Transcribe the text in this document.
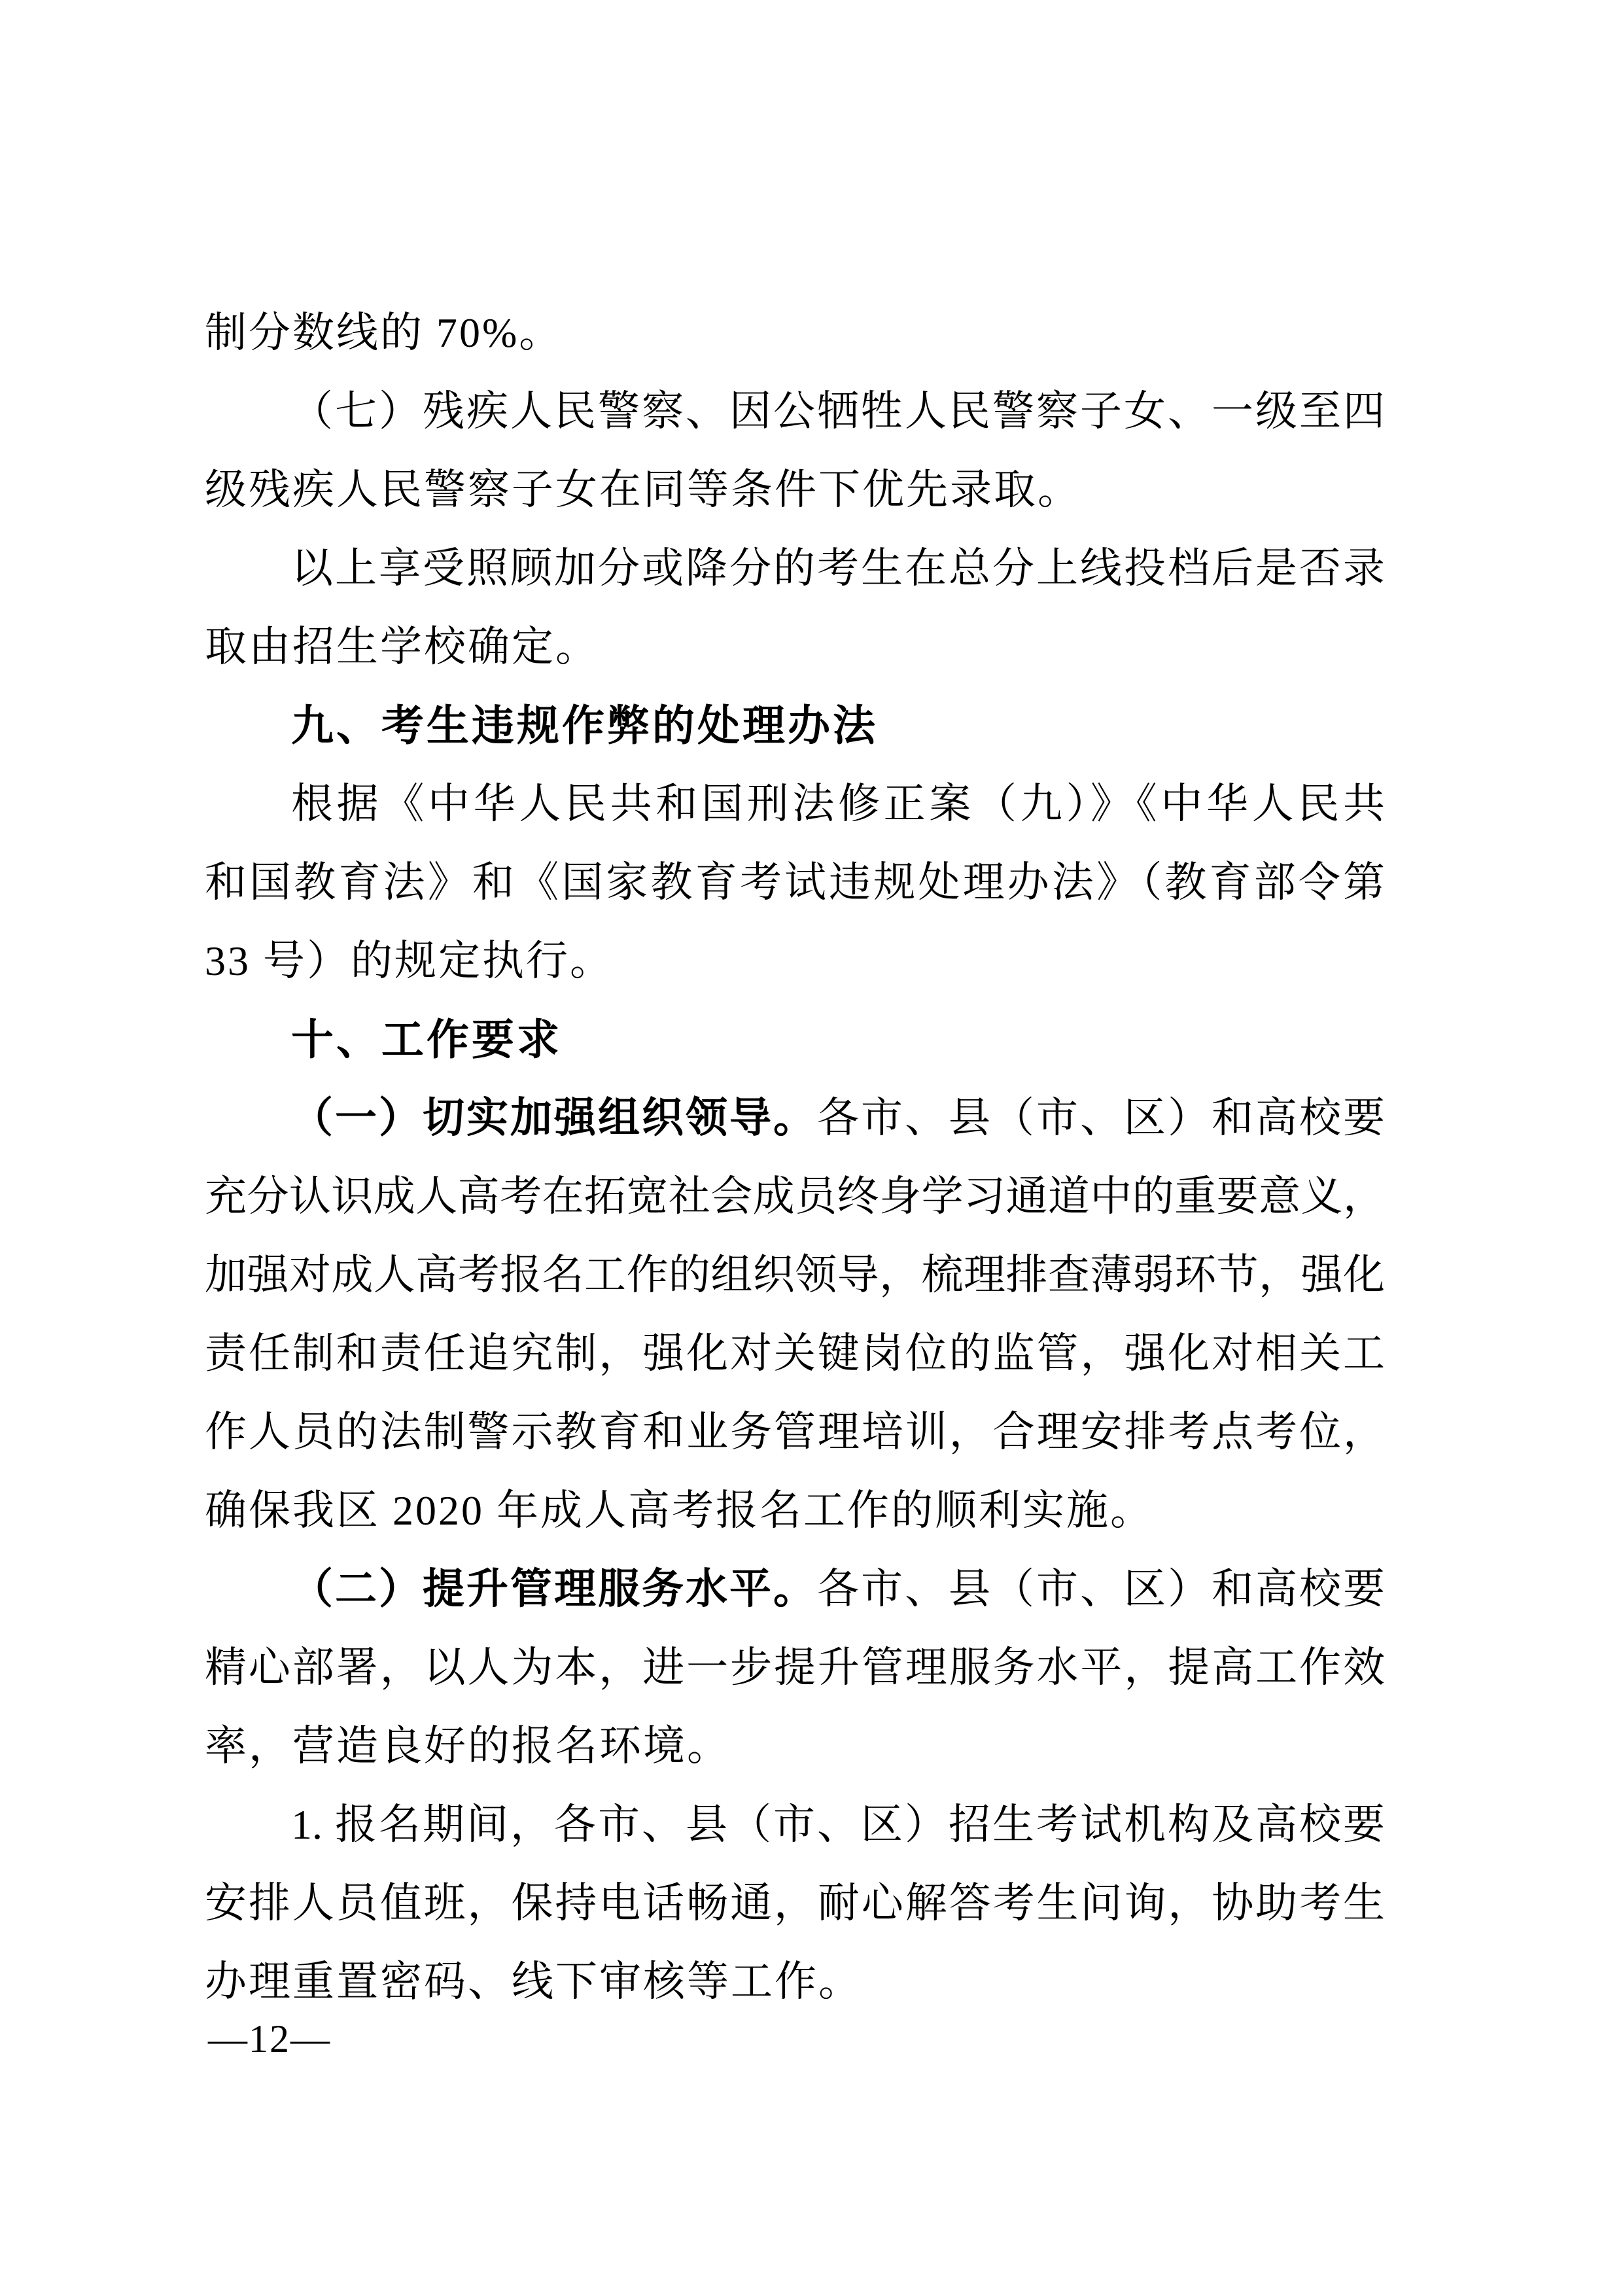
制分数线的 70%。
（七）残疾人民警察、因公牺牲人民警察子女、一级至四
级残疾人民警察子女在同等条件下优先录取。
以上享受照顾加分或降分的考生在总分上线投档后是否录
取由招生学校确定。
九、考生违规作弊的处理办法
根据《中华人民共和国刑法修正案（九）》《中华人民共
和国教育法》和《国家教育考试违规处理办法》（教育部令第
33 号）的规定执行。
十、工作要求
（一）切实加强组织领导。各市、县（市、区）和高校要
充分认识成人高考在拓宽社会成员终身学习通道中的重要意义，
加强对成人高考报名工作的组织领导，梳理排查薄弱环节，强化
责任制和责任追究制，强化对关键岗位的监管，强化对相关工
作人员的法制警示教育和业务管理培训，合理安排考点考位，
确保我区 2020 年成人高考报名工作的顺利实施。
（二）提升管理服务水平。各市、县（市、区）和高校要
精心部署，以人为本，进一步提升管理服务水平，提高工作效
率，营造良好的报名环境。
1. 报名期间，各市、县（市、区）招生考试机构及高校要
安排人员值班，保持电话畅通，耐心解答考生问询，协助考生
办理重置密码、线下审核等工作。
—12—
